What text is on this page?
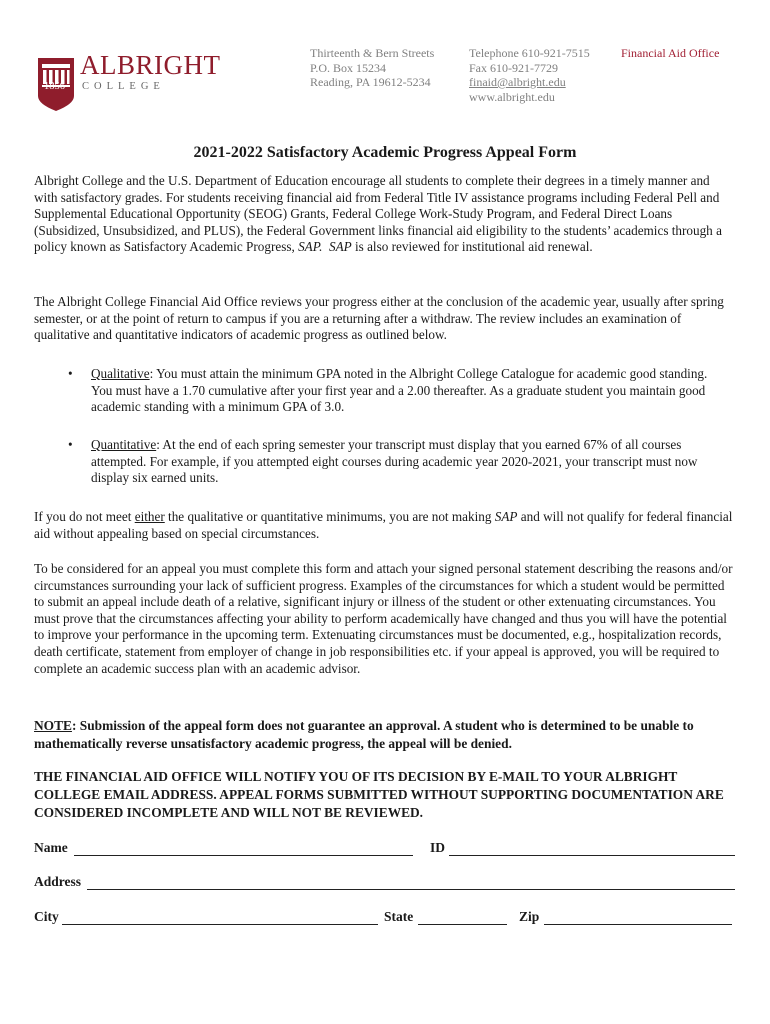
1856
ALBRIGHT
COLLEGE
Thirteenth & Bern Streets
P.O. Box 15234
Reading, PA 19612-5234
Telephone 610-921-7515
Fax 610-921-7729
finaid@albright.edu
www.albright.edu
Financial Aid Office
2021-2022 Satisfactory Academic Progress Appeal Form
Albright College and the U.S. Department of Education encourage all students to complete their degrees in a timely manner and with satisfactory grades. For students receiving financial aid from Federal Title IV assistance programs including Federal Pell and Supplemental Educational Opportunity (SEOG) Grants, Federal College Work-Study Program, and Federal Direct Loans (Subsidized, Unsubsidized, and PLUS), the Federal Government links financial aid eligibility to the students’ academics through a policy known as Satisfactory Academic Progress, SAP. SAP is also reviewed for institutional aid renewal.
The Albright College Financial Aid Office reviews your progress either at the conclusion of the academic year, usually after spring semester, or at the point of return to campus if you are a returning after a withdraw. The review includes an examination of qualitative and quantitative indicators of academic progress as outlined below.
• Qualitative: You must attain the minimum GPA noted in the Albright College Catalogue for academic good standing. You must have a 1.70 cumulative after your first year and a 2.00 thereafter. As a graduate student you maintain good academic standing with a minimum GPA of 3.0.
• Quantitative: At the end of each spring semester your transcript must display that you earned 67% of all courses attempted. For example, if you attempted eight courses during academic year 2020-2021, your transcript must now display six earned units.
If you do not meet either the qualitative or quantitative minimums, you are not making SAP and will not qualify for federal financial aid without appealing based on special circumstances.
To be considered for an appeal you must complete this form and attach your signed personal statement describing the reasons and/or circumstances surrounding your lack of sufficient progress. Examples of the circumstances for which a student would be permitted to submit an appeal include death of a relative, significant injury or illness of the student or other extenuating circumstances. You must prove that the circumstances affecting your ability to perform academically have changed and thus you will have the potential to improve your performance in the upcoming term. Extenuating circumstances must be documented, e.g., hospitalization records, death certificate, statement from employer of change in job responsibilities etc. if your appeal is approved, you will be required to complete an academic success plan with an academic advisor.
NOTE: Submission of the appeal form does not guarantee an approval. A student who is determined to be unable to mathematically reverse unsatisfactory academic progress, the appeal will be denied.
THE FINANCIAL AID OFFICE WILL NOTIFY YOU OF ITS DECISION BY E-MAIL TO YOUR ALBRIGHT COLLEGE EMAIL ADDRESS. APPEAL FORMS SUBMITTED WITHOUT SUPPORTING DOCUMENTATION ARE CONSIDERED INCOMPLETE AND WILL NOT BE REVIEWED.
Name	ID
Address
City	State	Zip
